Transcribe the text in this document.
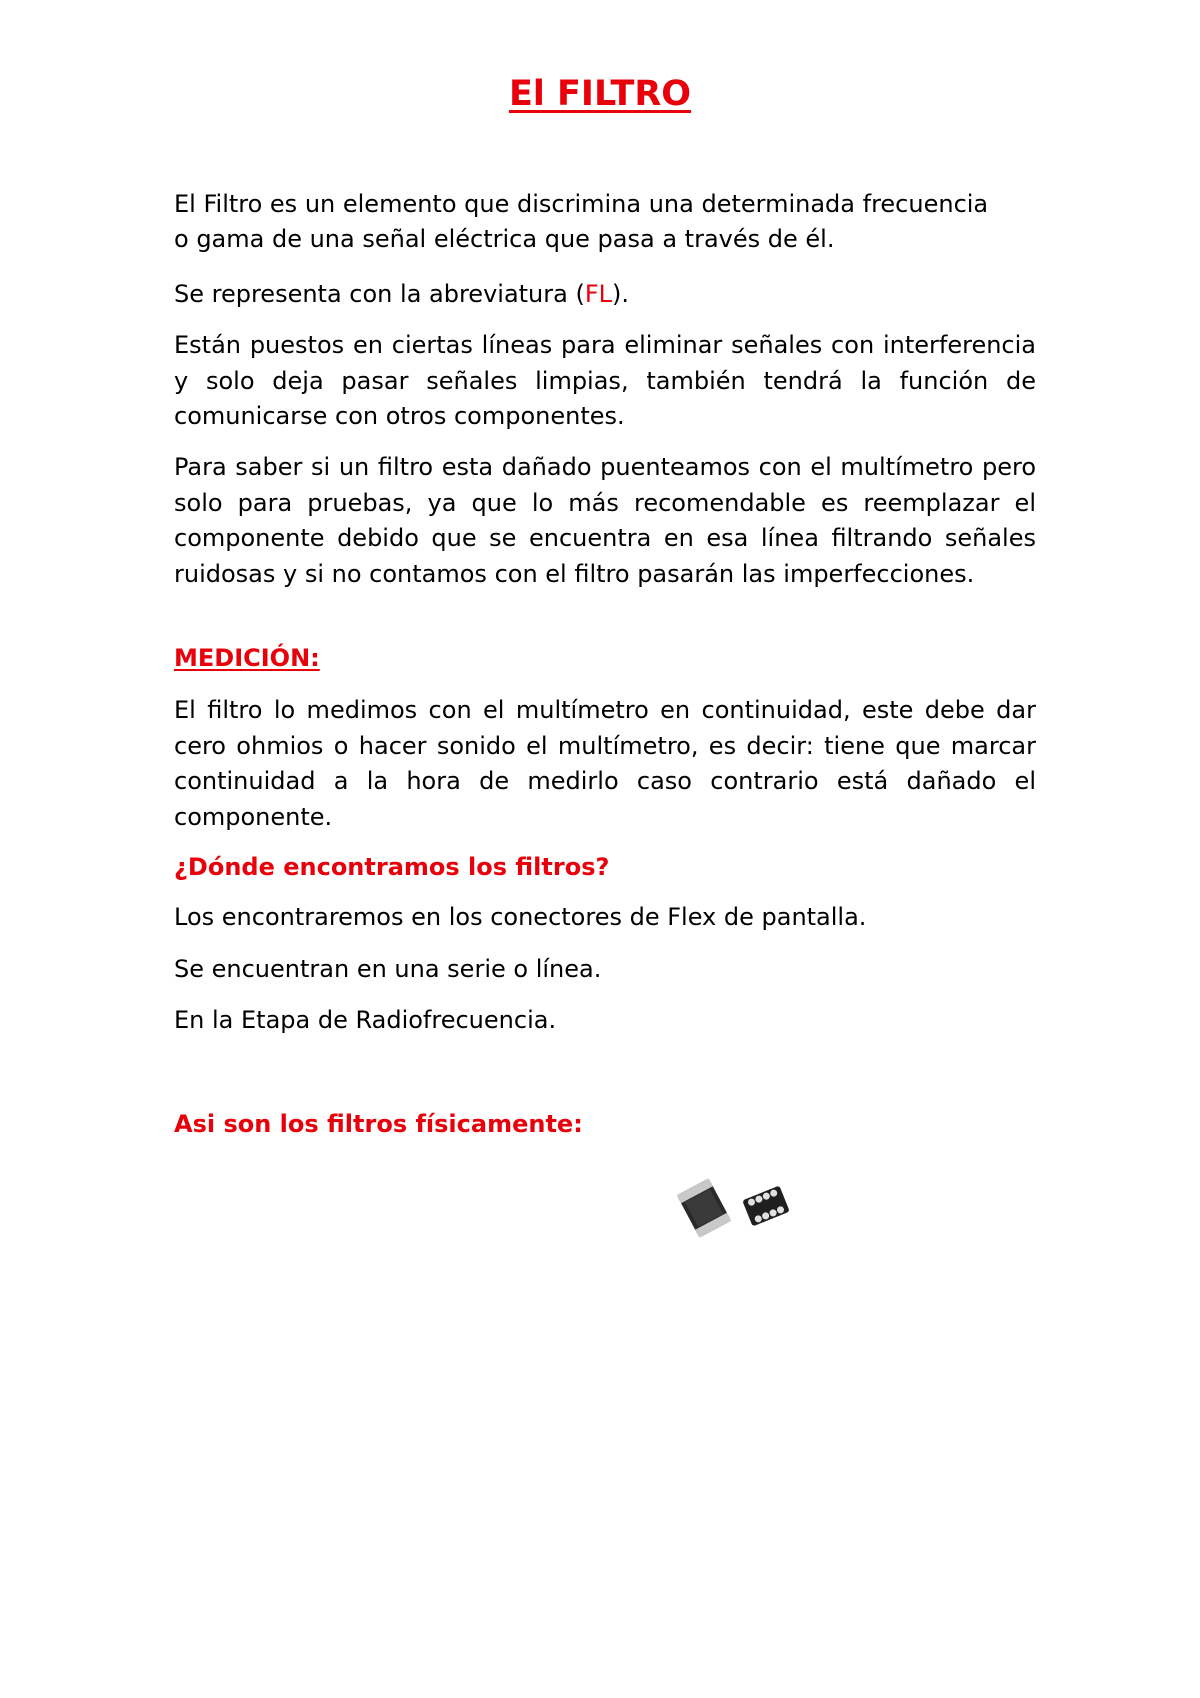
El FILTRO

El Filtro es un elemento que discrimina una determinada frecuencia

o gama de una señal eléctrica que pasa a través de él.

Se representa con la abreviatura (FL).

Están puestos en ciertas líneas para eliminar señales con interferencia y solo deja pasar señales limpias, también tendrá la función de comunicarse con otros componentes.

Para saber si un filtro esta dañado puenteamos con el multímetro pero solo para pruebas, ya que lo más recomendable es reemplazar el componente debido que se encuentra en esa línea filtrando señales ruidosas y si no contamos con el filtro pasarán las imperfecciones.

MEDICIÓN:

El filtro lo medimos con el multímetro en continuidad, este debe dar cero ohmios o hacer sonido el multímetro, es decir: tiene que marcar continuidad a la hora de medirlo caso contrario está dañado el componente.

¿Dónde encontramos los filtros?

Los encontraremos en los conectores de Flex de pantalla.

Se encuentran en una serie o línea.

En la Etapa de Radiofrecuencia.

Asi son los filtros físicamente:
